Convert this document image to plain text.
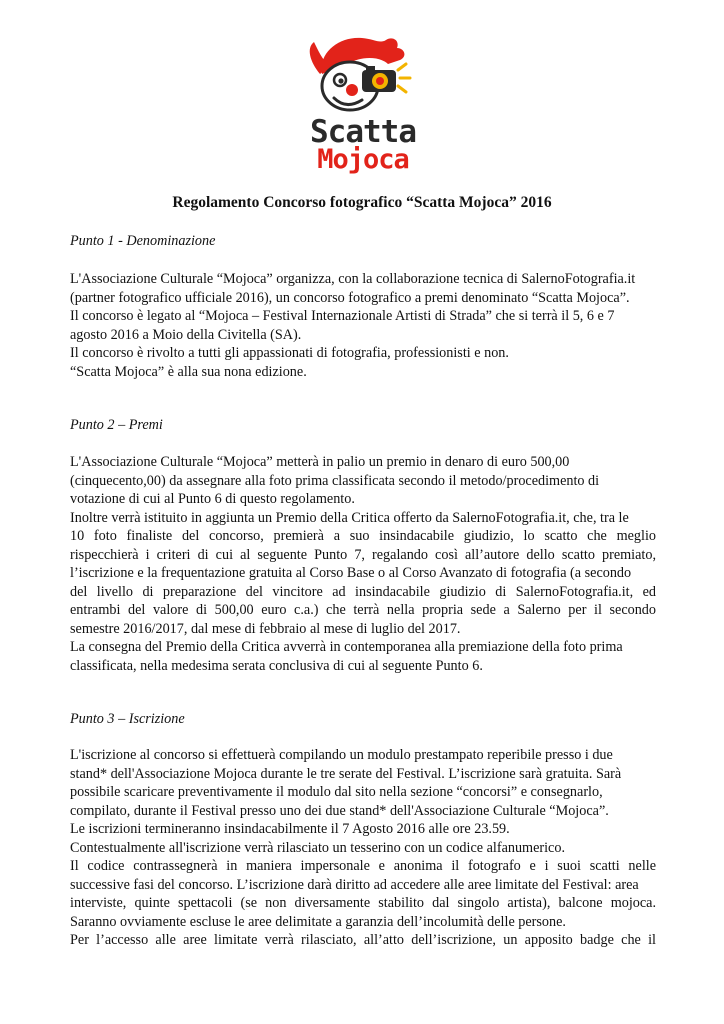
Scatta
Mojoca
Regolamento Concorso fotografico “Scatta Mojoca” 2016
Punto 1 - Denominazione
L'Associazione Culturale “Mojoca” organizza, con la collaborazione tecnica di SalernoFotografia.it
(partner fotografico ufficiale 2016), un concorso fotografico a premi denominato “Scatta Mojoca”.
Il concorso è legato al “Mojoca – Festival Internazionale Artisti di Strada” che si terrà il 5, 6 e 7
agosto 2016 a Moio della Civitella (SA).
Il concorso è rivolto a tutti gli appassionati di fotografia, professionisti e non.
“Scatta Mojoca” è alla sua nona edizione.
Punto 2 – Premi
L'Associazione Culturale “Mojoca” metterà in palio un premio in denaro di euro 500,00
(cinquecento,00) da assegnare alla foto prima classificata secondo il metodo/procedimento di
votazione di cui al Punto 6 di questo regolamento.
Inoltre verrà istituito in aggiunta un Premio della Critica offerto da SalernoFotografia.it, che, tra le
10 foto finaliste del concorso, premierà a suo insindacabile giudizio, lo scatto che meglio
rispecchierà i criteri di cui al seguente Punto 7, regalando così all’autore dello scatto premiato,
l’iscrizione e la frequentazione gratuita al Corso Base o al Corso Avanzato di fotografia (a secondo
del livello di preparazione del vincitore ad insindacabile giudizio di SalernoFotografia.it, ed
entrambi del valore di 500,00 euro c.a.) che terrà nella propria sede a Salerno per il secondo
semestre 2016/2017, dal mese di febbraio al mese di luglio del 2017.
La consegna del Premio della Critica avverrà in contemporanea alla premiazione della foto prima
classificata, nella medesima serata conclusiva di cui al seguente Punto 6.
Punto 3 – Iscrizione
L'iscrizione al concorso si effettuerà compilando un modulo prestampato reperibile presso i due
stand* dell'Associazione Mojoca durante le tre serate del Festival. L’iscrizione sarà gratuita. Sarà
possibile scaricare preventivamente il modulo dal sito nella sezione “concorsi” e consegnarlo,
compilato, durante il Festival presso uno dei due stand* dell'Associazione Culturale “Mojoca”.
Le iscrizioni termineranno insindacabilmente il 7 Agosto 2016 alle ore 23.59.
Contestualmente all'iscrizione verrà rilasciato un tesserino con un codice alfanumerico.
Il codice contrassegnerà in maniera impersonale e anonima il fotografo e i suoi scatti nelle
successive fasi del concorso. L’iscrizione darà diritto ad accedere alle aree limitate del Festival: area
interviste, quinte spettacoli (se non diversamente stabilito dal singolo artista), balcone mojoca.
Saranno ovviamente escluse le aree delimitate a garanzia dell’incolumità delle persone.
Per l’accesso alle aree limitate verrà rilasciato, all’atto dell’iscrizione, un apposito badge che il
